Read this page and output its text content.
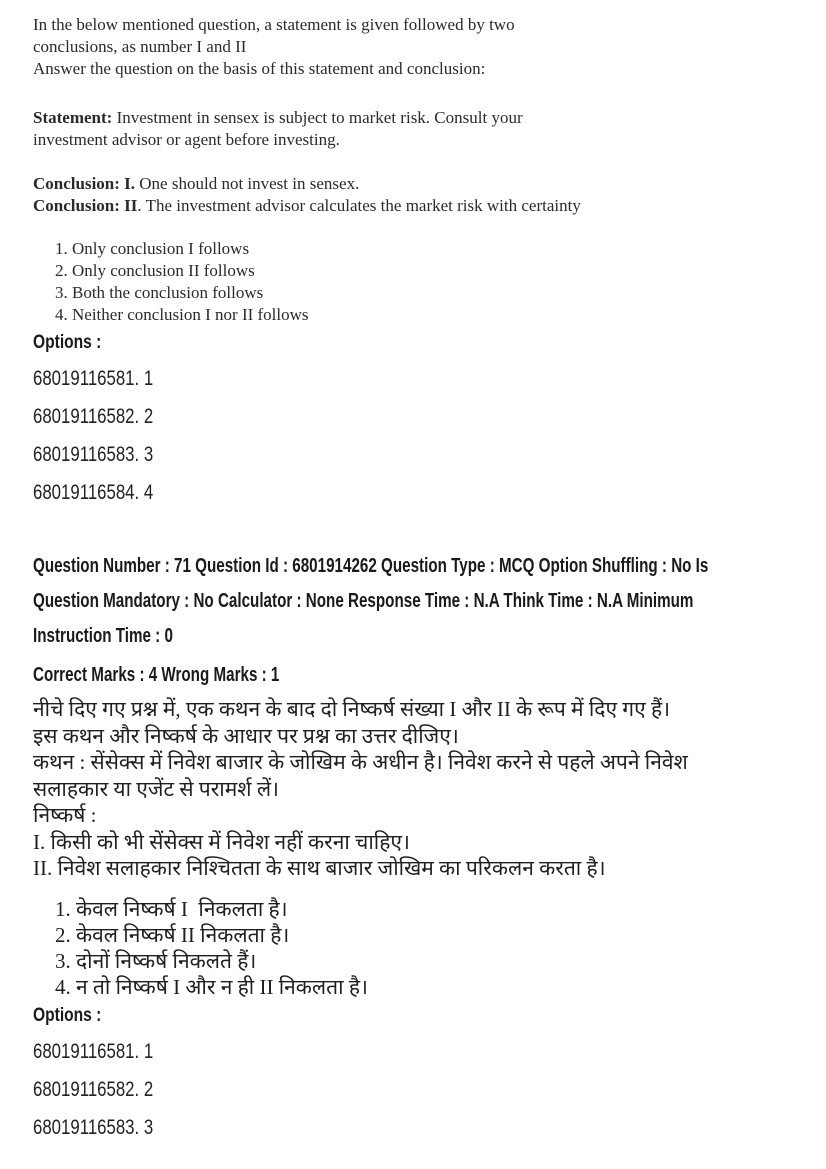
In the below mentioned question, a statement is given followed by two
conclusions, as number I and II
Answer the question on the basis of this statement and conclusion:
Statement: Investment in sensex is subject to market risk. Consult your
investment advisor or agent before investing.
Conclusion: I. One should not invest in sensex.
Conclusion: II. The investment advisor calculates the market risk with certainty
1. Only conclusion I follows
2. Only conclusion II follows
3. Both the conclusion follows
4. Neither conclusion I nor II follows
Options :
68019116581. 1
68019116582. 2
68019116583. 3
68019116584. 4
Question Number : 71 Question Id : 6801914262 Question Type : MCQ Option Shuffling : No Is
Question Mandatory : No Calculator : None Response Time : N.A Think Time : N.A Minimum
Instruction Time : 0
Correct Marks : 4 Wrong Marks : 1
नीचे दिए गए प्रश्न में, एक कथन के बाद दो निष्कर्ष संख्या I और II के रूप में दिए गए हैं।
इस कथन और निष्कर्ष के आधार पर प्रश्न का उत्तर दीजिए।
कथन : सेंसेक्स में निवेश बाजार के जोखिम के अधीन है। निवेश करने से पहले अपने निवेश
सलाहकार या एजेंट से परामर्श लें।
निष्कर्ष :
I. किसी को भी सेंसेक्स में निवेश नहीं करना चाहिए।
II. निवेश सलाहकार निश्चितता के साथ बाजार जोखिम का परिकलन करता है।
1. केवल निष्कर्ष I  निकलता है।
2. केवल निष्कर्ष II निकलता है।
3. दोनों निष्कर्ष निकलते हैं।
4. न तो निष्कर्ष I और न ही II निकलता है।
Options :
68019116581. 1
68019116582. 2
68019116583. 3
